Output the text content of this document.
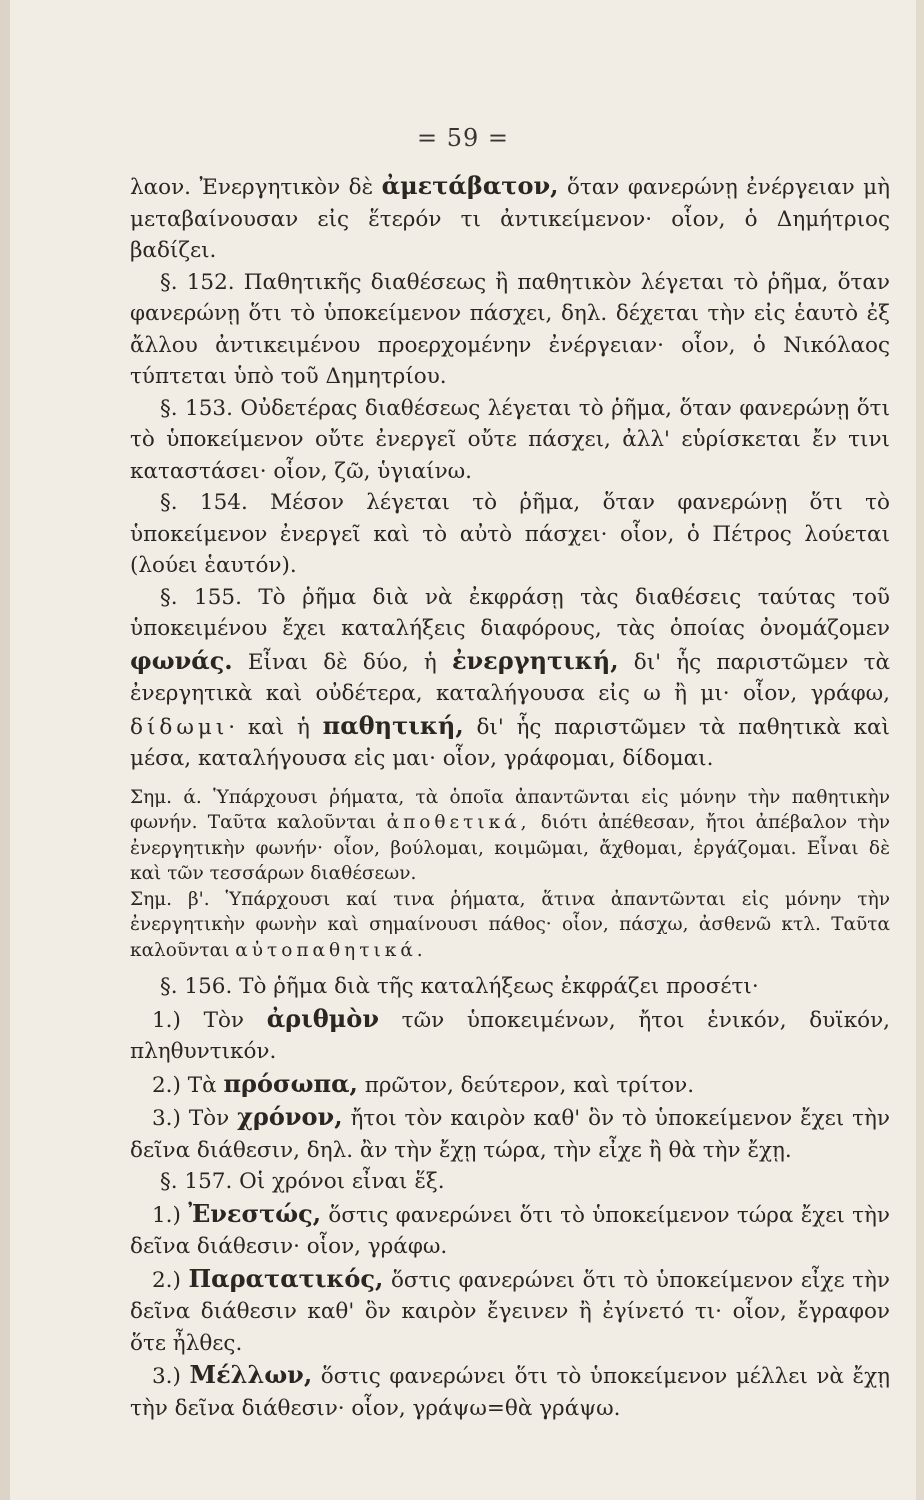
= 59 =

λαον. Ἐνεργητικὸν δὲ ἀμετάβατον, ὅταν φανερώνῃ ἐνέργειαν μὴ μεταβαίνουσαν εἰς ἕτερόν τι ἀντικείμενον· οἷον, ὁ Δημήτριος βαδίζει.

§. 152. Παθητικῆς διαθέσεως ἢ παθητικὸν λέγεται τὸ ῥῆμα, ὅταν φανερώνῃ ὅτι τὸ ὑποκείμενον πάσχει, δηλ. δέχεται τὴν εἰς ἑαυτὸ ἐξ ἄλλου ἀντικειμένου προερχομένην ἐνέργειαν· οἷον, ὁ Νικόλαος τύπτεται ὑπὸ τοῦ Δημητρίου.

§. 153. Οὐδετέρας διαθέσεως λέγεται τὸ ῥῆμα, ὅταν φανερώνῃ ὅτι τὸ ὑποκείμενον οὔτε ἐνεργεῖ οὔτε πάσχει, ἀλλ' εὑρίσκεται ἔν τινι καταστάσει· οἷον, ζῶ, ὑγιαίνω.

§. 154. Μέσον λέγεται τὸ ῥῆμα, ὅταν φανερώνῃ ὅτι τὸ ὑποκείμενον ἐνεργεῖ καὶ τὸ αὐτὸ πάσχει· οἷον, ὁ Πέτρος λούεται (λούει ἑαυτόν).

§. 155. Τὸ ῥῆμα διὰ νὰ ἐκφράσῃ τὰς διαθέσεις ταύτας τοῦ ὑποκειμένου ἔχει καταλήξεις διαφόρους, τὰς ὁποίας ὀνομάζομεν φωνάς. Εἶναι δὲ δύο, ἡ ἐνεργητική, δι' ἧς παριστῶμεν τὰ ἐνεργητικὰ καὶ οὐδέτερα, καταλήγουσα εἰς ω ἢ μι· οἷον, γράφω, δίδωμι· καὶ ἡ παθητική, δι' ἧς παριστῶμεν τὰ παθητικὰ καὶ μέσα, καταλήγουσα εἰς μαι· οἷον, γράφομαι, δίδομαι.

Σημ. ά. Ὑπάρχουσι ῥήματα, τὰ ὁποῖα ἀπαντῶνται εἰς μόνην τὴν παθητικὴν φωνήν. Ταῦτα καλοῦνται ἀποθετικά, διότι ἀπέθεσαν, ἤτοι ἀπέβαλον τὴν ἐνεργητικὴν φωνήν· οἷον, βούλομαι, κοιμῶμαι, ἄχθομαι, ἐργάζομαι. Εἶναι δὲ καὶ τῶν τεσσάρων διαθέσεων.

Σημ. β'. Ὑπάρχουσι καί τινα ῥήματα, ἅτινα ἀπαντῶνται εἰς μόνην τὴν ἐνεργητικὴν φωνὴν καὶ σημαίνουσι πάθος· οἷον, πάσχω, ἀσθενῶ κτλ. Ταῦτα καλοῦνται αὐτοπαθητικά.

§. 156. Τὸ ῥῆμα διὰ τῆς καταλήξεως ἐκφράζει προσέτι·

1.) Τὸν ἀριθμὸν τῶν ὑποκειμένων, ἤτοι ἑνικόν, δυϊκόν, πληθυντικόν.

2.) Τὰ πρόσωπα, πρῶτον, δεύτερον, καὶ τρίτον.

3.) Τὸν χρόνον, ἤτοι τὸν καιρὸν καθ' ὃν τὸ ὑποκείμενον ἔχει τὴν δεῖνα διάθεσιν, δηλ. ἂν τὴν ἔχῃ τώρα, τὴν εἶχε ἢ θὰ τὴν ἔχῃ.

§. 157. Οἱ χρόνοι εἶναι ἕξ.

1.) Ἐνεστώς, ὅστις φανερώνει ὅτι τὸ ὑποκείμενον τώρα ἔχει τὴν δεῖνα διάθεσιν· οἷον, γράφω.

2.) Παρατατικός, ὅστις φανερώνει ὅτι τὸ ὑποκείμενον εἶχε τὴν δεῖνα διάθεσιν καθ' ὃν καιρὸν ἔγεινεν ἢ ἐγίνετό τι· οἷον, ἔγραφον ὅτε ἦλθες.

3.) Μέλλων, ὅστις φανερώνει ὅτι τὸ ὑποκείμενον μέλλει νὰ ἔχῃ τὴν δεῖνα διάθεσιν· οἷον, γράψω=θὰ γράψω.
